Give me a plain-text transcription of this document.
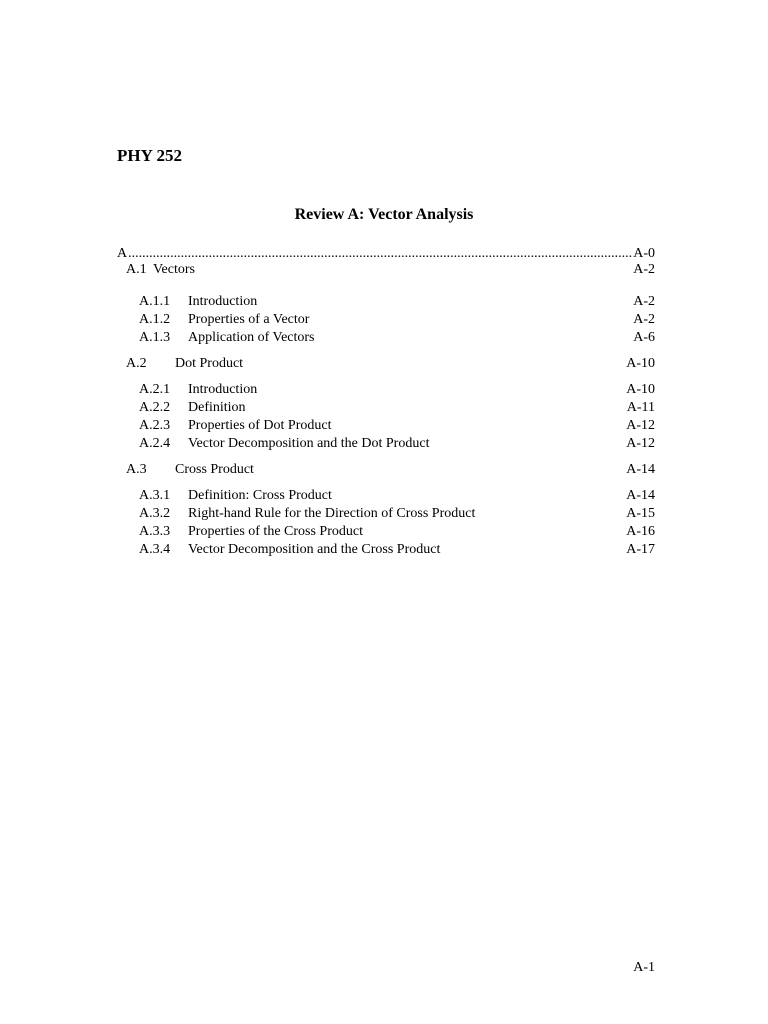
PHY 252
Review A: Vector Analysis
A
.....	A-0
A.1 Vectors	A-2
A.1.1 Introduction	A-2
A.1.2 Properties of a Vector	A-2
A.1.3 Application of Vectors	A-6
A.2 Dot Product	A-10
A.2.1 Introduction	A-10
A.2.2 Definition	A-11
A.2.3 Properties of Dot Product	A-12
A.2.4 Vector Decomposition and the Dot Product	A-12
A.3 Cross Product	A-14
A.3.1 Definition: Cross Product	A-14
A.3.2 Right-hand Rule for the Direction of Cross Product	A-15
A.3.3 Properties of the Cross Product	A-16
A.3.4 Vector Decomposition and the Cross Product	A-17
A-1
